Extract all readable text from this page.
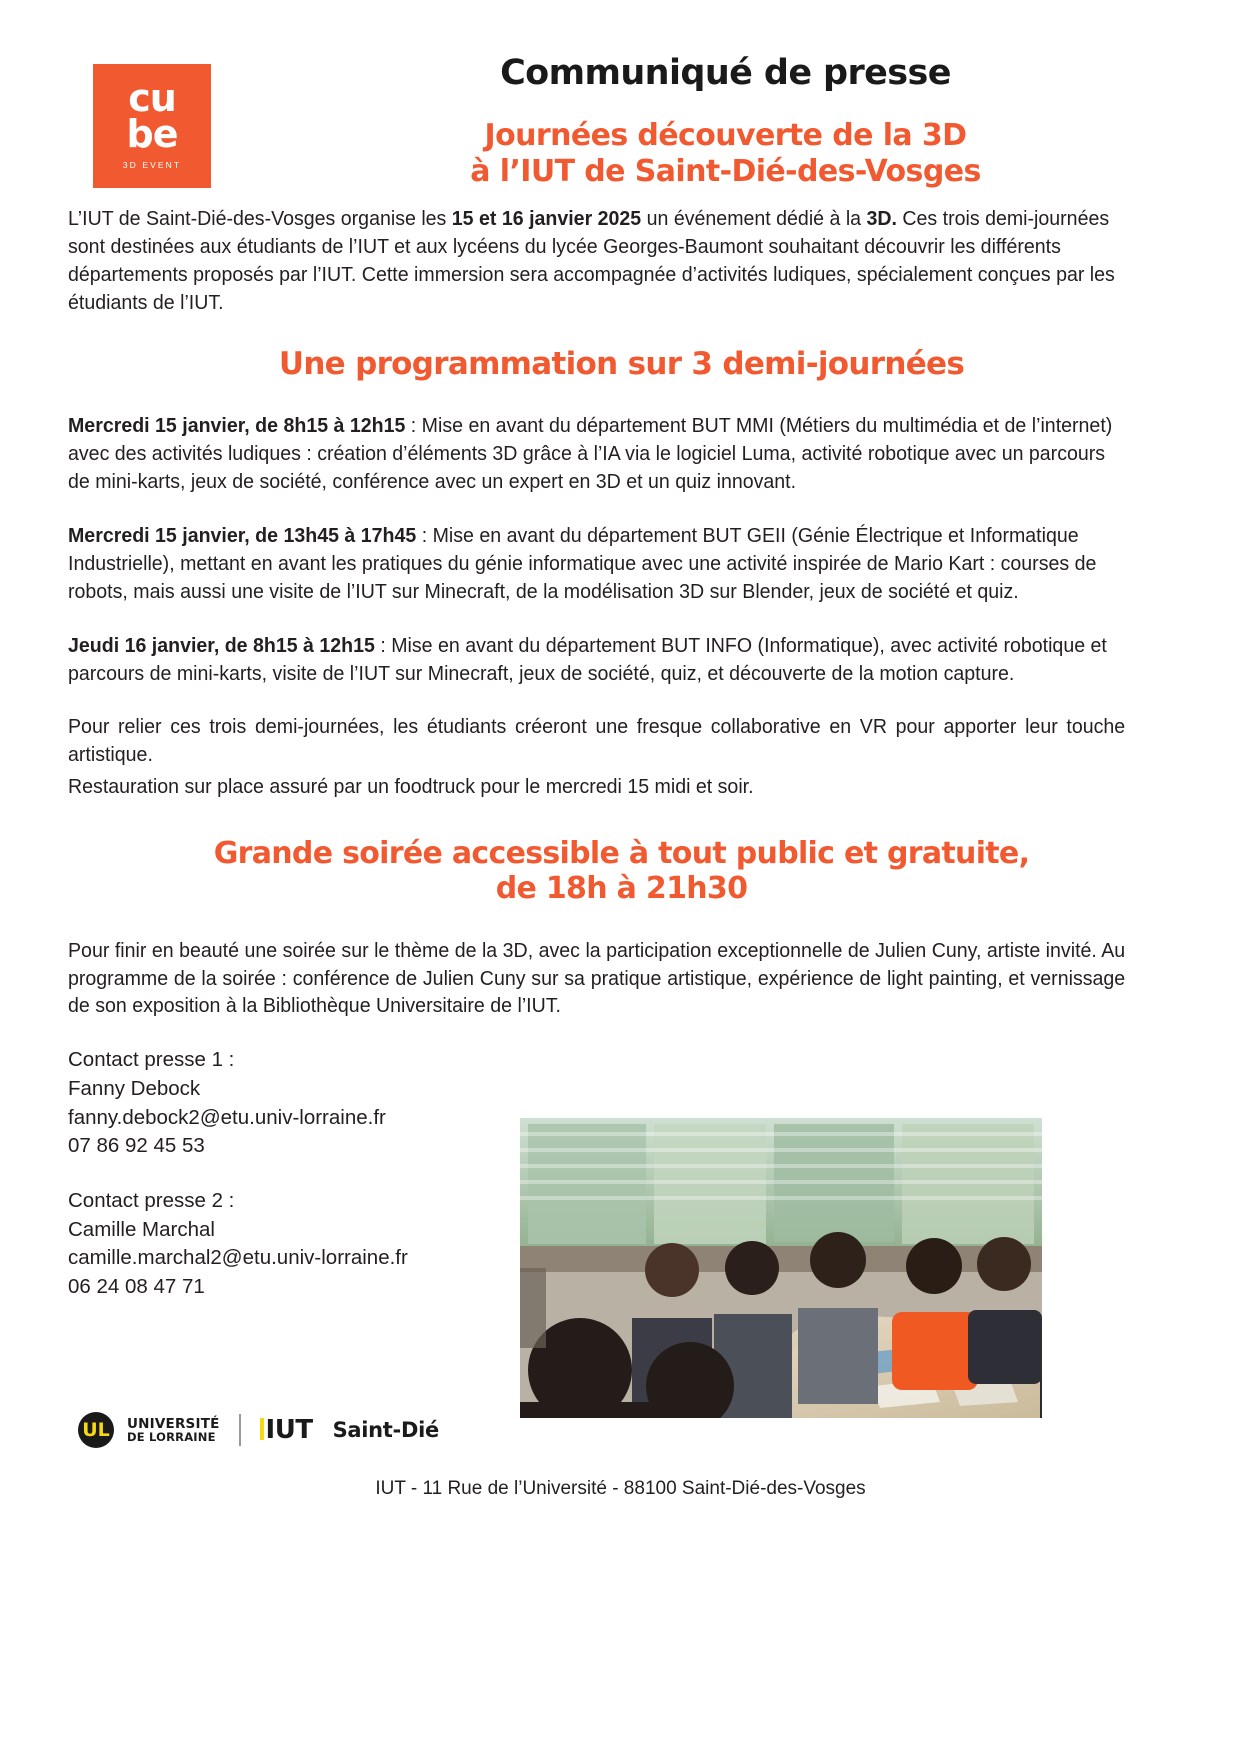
cu
be
3D EVENT
Communiqué de presse
Journées découverte de la 3D
à l’IUT de Saint-Dié-des-Vosges

L’IUT de Saint-Dié-des-Vosges organise les 15 et 16 janvier 2025 un événement dédié à la 3D. Ces trois demi-journées sont destinées aux étudiants de l’IUT et aux lycéens du lycée Georges-Baumont souhaitant découvrir les différents départements proposés par l’IUT. Cette immersion sera accompagnée d’activités ludiques, spécialement conçues par les étudiants de l’IUT.

Une programmation sur 3 demi-journées

Mercredi 15 janvier, de 8h15 à 12h15 : Mise en avant du département BUT MMI (Métiers du multimédia et de l’internet) avec des activités ludiques : création d’éléments 3D grâce à l’IA via le logiciel Luma, activité robotique avec un parcours de mini-karts, jeux de société, conférence avec un expert en 3D et un quiz innovant.

Mercredi 15 janvier, de 13h45 à 17h45 : Mise en avant du département BUT GEII (Génie Électrique et Informatique Industrielle), mettant en avant les pratiques du génie informatique avec une activité inspirée de Mario Kart : courses de robots, mais aussi une visite de l’IUT sur Minecraft, de la modélisation 3D sur Blender, jeux de société et quiz.

Jeudi 16 janvier, de 8h15 à 12h15 : Mise en avant du département BUT INFO (Informatique), avec activité robotique et parcours de mini-karts, visite de l’IUT sur Minecraft, jeux de société, quiz, et découverte de la motion capture.

Pour relier ces trois demi-journées, les étudiants créeront une fresque collaborative en VR pour apporter leur touche artistique.

Restauration sur place assuré par un foodtruck pour le mercredi 15 midi et soir.

Grande soirée accessible à tout public et gratuite,
de 18h à 21h30

Pour finir en beauté une soirée sur le thème de la 3D, avec la participation exceptionnelle de Julien Cuny, artiste invité. Au programme de la soirée : conférence de Julien Cuny sur sa pratique artistique, expérience de light painting, et vernissage de son exposition à la Bibliothèque Universitaire de l’IUT.

Contact presse 1 :
Fanny Debock
fanny.debock2@etu.univ-lorraine.fr
07 86 92 45 53
Contact presse 2 :
Camille Marchal
camille.marchal2@etu.univ-lorraine.fr
06 24 08 47 71
UL UNIVERSITÉ
DE LORRAINE IUT Saint-Dié
IUT - 11 Rue de l’Université - 88100 Saint-Dié-des-Vosges
